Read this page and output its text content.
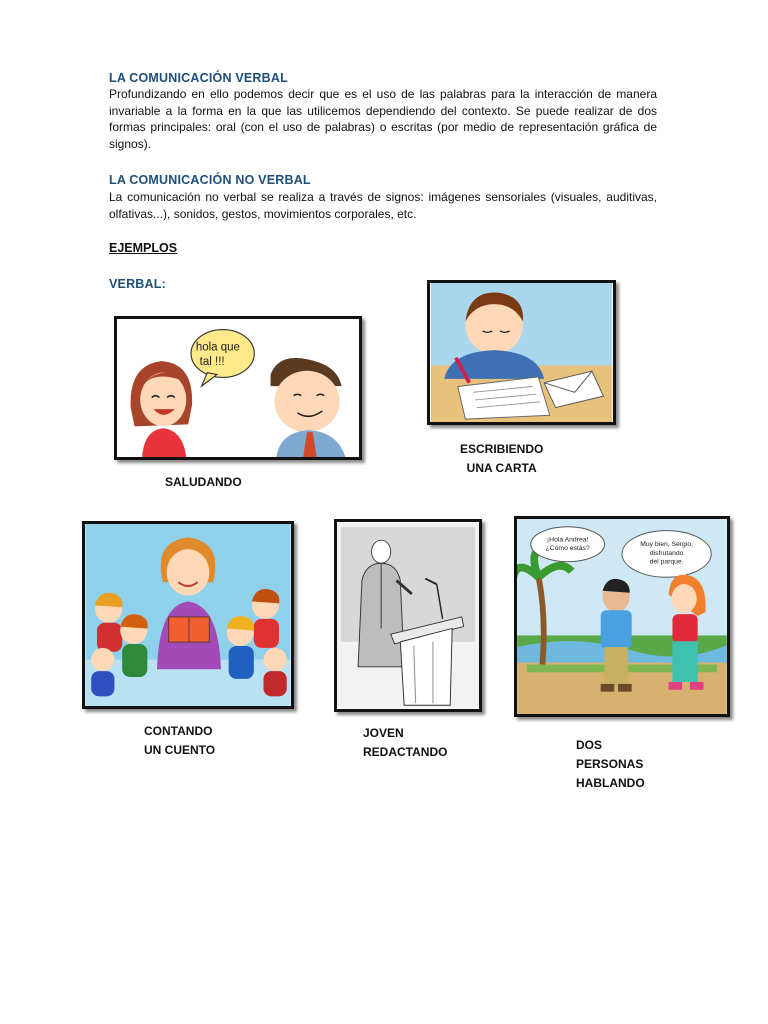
LA COMUNICACIÓN VERBAL
Profundizando en ello podemos decir que es el uso de las palabras para la interacción de manera invariable a la forma en la que las utilicemos dependiendo del contexto. Se puede realizar de dos formas principales: oral (con el uso de palabras) o escritas (por medio de representación gráfica de signos).
LA COMUNICACIÓN NO VERBAL
La comunicación no verbal se realiza a través de signos: imágenes sensoriales (visuales, auditivas, olfativas...), sonidos, gestos, movimientos corporales, etc.
EJEMPLOS
VERBAL:
hola que
tal !!!
SALUDANDO
ESCRIBIENDO
UNA CARTA
CONTANDO
UN CUENTO
JOVEN
REDACTANDO
¡Hola Andrea!
¿Cómo estás?
Muy bien, Sergio,
disfrutando
del parque.
DOS
PERSONAS
HABLANDO
